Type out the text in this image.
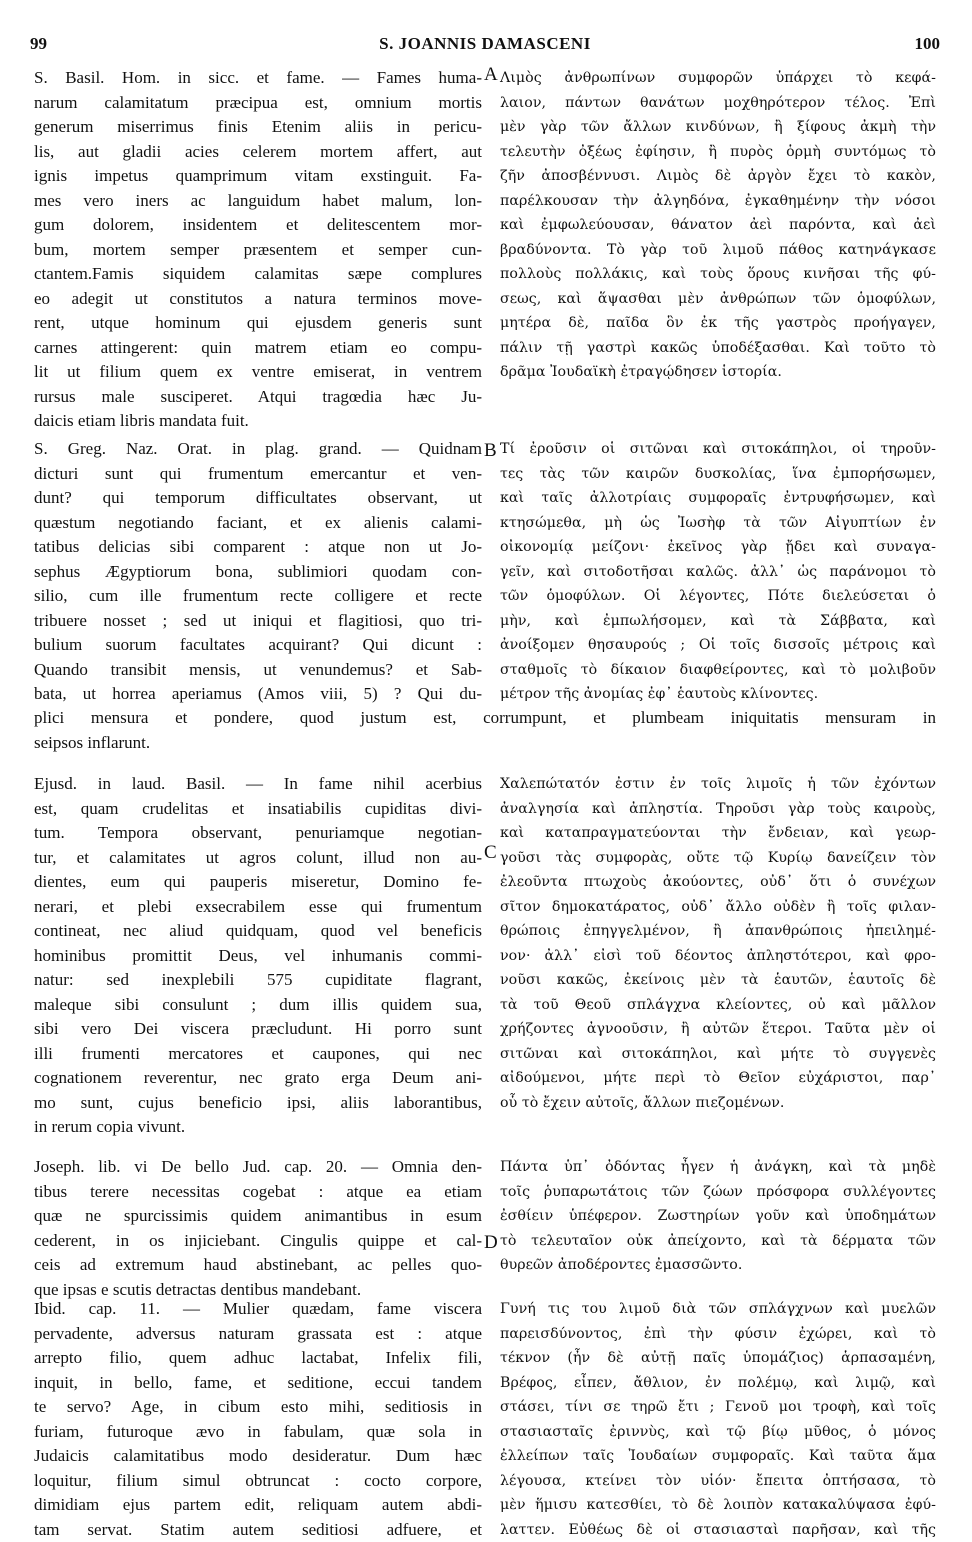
99	S. JOANNIS DAMASCENI	100
S. Basil. Hom. in sicc. et fame. — Fames huma-
narum calamitatum præcipua est, omnium mortis
generum miserrimus finis Etenim aliis in pericu-
lis, aut gladii acies celerem mortem affert, aut
ignis impetus quamprimum vitam exstinguit. Fa-
mes vero iners ac languidum habet malum, lon-
gum dolorem, insidentem et delitescentem mor-
bum, mortem semper præsentem et semper cun-
ctantem.Famis siquidem calamitas sæpe complures
eo adegit ut constitutos a natura terminos move-
rent, utque hominum qui ejusdem generis sunt
carnes attingerent: quin matrem etiam eo compu-
lit ut filium quem ex ventre emiserat, in ventrem
rursus male susciperet. Atqui tragœdia hæc Ju-
daicis etiam libris mandata fuit.
Λιμὸς ἀνθρωπίνων συμφορῶν ὑπάρχει τὸ κεφά-
λαιον, πάντων θανάτων μοχθηρότερον τέλος. Ἐπὶ
μὲν γὰρ τῶν ἄλλων κινδύνων, ἢ ξίφους ἀκμὴ τὴν
τελευτὴν ὀξέως ἐφίησιν, ἢ πυρὸς ὁρμὴ συντόμως τὸ
ζῆν ἀποσβέννυσι. Λιμὸς δὲ ἀργὸν ἔχει τὸ κακὸν,
παρέλκουσαν τὴν ἀλγηδόνα, ἐγκαθημένην τὴν νόσοι
καὶ ἐμφωλεύουσαν, θάνατον ἀεὶ παρόντα, καὶ ἀεὶ
βραδύνοντα. Τὸ γὰρ τοῦ λιμοῦ πάθος κατηνάγκασε
πολλοὺς πολλάκις, καὶ τοὺς ὅρους κινῆσαι τῆς φύ-
σεως, καὶ ἅψασθαι μὲν ἀνθρώπων τῶν ὁμοφύλων,
μητέρα δὲ, παῖδα ὃν ἐκ τῆς γαστρὸς προήγαγεν,
πάλιν τῇ γαστρὶ κακῶς ὑποδέξασθαι. Καὶ τοῦτο τὸ
δρᾶμα Ἰουδαϊκὴ ἐτραγῴδησεν ἱστορία.
A
S. Greg. Naz. Orat. in plag. grand. — Quidnam
dicturi sunt qui frumentum emercantur et ven-
dunt? qui temporum difficultates observant, ut
quæstum negotiando faciant, et ex alienis calami-
tatibus delicias sibi comparent : atque non ut Jo-
sephus Ægyptiorum bona, sublimiori quodam con-
silio, cum ille frumentum recte colligere et recte
tribuere nosset ; sed ut iniqui et flagitiosi, quo tri-
bulium suorum facultates acquirant? Qui dicunt :
Quando transibit mensis, ut venundemus? et Sab-
bata, ut horrea aperiamus (Amos viii, 5) ? Qui du-
Τί ἐροῦσιν οἱ σιτῶναι καὶ σιτοκάπηλοι, οἱ τηροῦν-
τες τὰς τῶν καιρῶν δυσκολίας, ἵνα ἐμπορήσωμεν,
καὶ ταῖς ἀλλοτρίαις συμφοραῖς ἐντρυφήσωμεν, καὶ
κτησώμεθα, μὴ ὡς Ἰωσὴφ τὰ τῶν Αἰγυπτίων ἐν
οἰκονομίᾳ μείζονι· ἐκεῖνος γὰρ ᾔδει καὶ συναγα-
γεῖν, καὶ σιτοδοτῆσαι καλῶς. ἀλλ᾽ ὡς παράνομοι τὸ
τῶν ὁμοφύλων. Οἱ λέγοντες, Πότε διελεύσεται ὁ
μὴν, καὶ ἐμπωλήσομεν, καὶ τὰ Σάββατα, καὶ
ἀνοίξομεν θησαυρούς ; Οἱ τοῖς δισσοῖς μέτροις καὶ
σταθμοῖς τὸ δίκαιον διαφθείροντες, καὶ τὸ μολιβοῦν
μέτρον τῆς ἀνομίας ἐφ᾽ ἑαυτοὺς κλίνοντες.
B
plici mensura et pondere, quod justum est, corrumpunt, et plumbeam iniquitatis mensuram in
seipsos inflarunt.
Ejusd. in laud. Basil. — In fame nihil acerbius
est, quam crudelitas et insatiabilis cupiditas divi-
tum. Tempora observant, penuriamque negotian-
tur, et calamitates ut agros colunt, illud non au-
dientes, eum qui pauperis miseretur, Domino fe-
nerari, et plebi exsecrabilem esse qui frumentum
contineat, nec aliud quidquam, quod vel beneficis
hominibus promittit Deus, vel inhumanis commi-
natur: sed inexplebili 575 cupiditate flagrant,
maleque sibi consulunt ; dum illis quidem sua,
sibi vero Dei viscera præcludunt. Hi porro sunt
illi frumenti mercatores et caupones, qui nec
cognationem reverentur, nec grato erga Deum ani-
mo sunt, cujus beneficio ipsi, aliis laborantibus,
in rerum copia vivunt.
Χαλεπώτατόν ἐστιν ἐν τοῖς λιμοῖς ἡ τῶν ἐχόντων
ἀναλγησία καὶ ἀπληστία. Τηροῦσι γὰρ τοὺς καιροὺς,
καὶ καταπραγματεύονται τὴν ἔνδειαν, καὶ γεωρ-
γοῦσι τὰς συμφορὰς, οὔτε τῷ Κυρίῳ δανείζειν τὸν
ἐλεοῦντα πτωχοὺς ἀκούοντες, οὐδ᾽ ὅτι ὁ συνέχων
σῖτον δημοκατάρατος, οὐδ᾽ ἄλλο οὐδὲν ἢ τοῖς φιλαν-
θρώποις ἐπηγγελμένον, ἢ ἀπανθρώποις ἠπειλημέ-
νον· ἀλλ᾽ εἰσὶ τοῦ δέοντος ἀπληστότεροι, καὶ φρο-
νοῦσι κακῶς, ἐκείνοις μὲν τὰ ἑαυτῶν, ἑαυτοῖς δὲ
τὰ τοῦ Θεοῦ σπλάγχνα κλείοντες, οὐ καὶ μᾶλλον
χρήζοντες ἀγνοοῦσιν, ἢ αὐτῶν ἕτεροι. Ταῦτα μὲν οἱ
σιτῶναι καὶ σιτοκάπηλοι, καὶ μήτε τὸ συγγενὲς
αἰδούμενοι, μήτε περὶ τὸ Θεῖον εὐχάριστοι, παρ᾽
οὗ τὸ ἔχειν αὐτοῖς, ἄλλων πιεζομένων.
C
Joseph. lib. vi De bello Jud. cap. 20. — Omnia den-
tibus terere necessitas cogebat : atque ea etiam
quæ ne spurcissimis quidem animantibus in esum
cederent, in os injiciebant. Cingulis quippe et cal-
ceis ad extremum haud abstinebant, ac pelles quo-
que ipsas e scutis detractas dentibus mandebant.
Πάντα ὑπ᾽ ὀδόντας ἦγεν ἡ ἀνάγκη, καὶ τὰ μηδὲ
τοῖς ῥυπαρωτάτοις τῶν ζώων πρόσφορα συλλέγοντες
ἐσθίειν ὑπέφερον. Ζωστηρίων γοῦν καὶ ὑποδημάτων
τὸ τελευταῖον οὐκ ἀπείχοντο, καὶ τὰ δέρματα τῶν
θυρεῶν ἀποδέροντες ἐμασσῶντο.
D
Ibid. cap. 11. — Mulier quædam, fame viscera
pervadente, adversus naturam grassata est : atque
arrepto filio, quem adhuc lactabat, Infelix fili,
inquit, in bello, fame, et seditione, eccui tandem
te servo? Age, in cibum esto mihi, seditiosis in
furiam, futuroque ævo in fabulam, quæ sola in
Judaicis calamitatibus modo desideratur. Dum hæc
loquitur, filium simul obtruncat : cocto corpore,
dimidiam ejus partem edit, reliquam autem abdi-
tam servat. Statim autem seditiosi adfuere, et
Γυνή τις του λιμοῦ διὰ τῶν σπλάγχνων καὶ μυελῶν
παρεισδύνοντος, ἐπὶ τὴν φύσιν ἐχώρει, καὶ τὸ
τέκνον (ἦν δὲ αὐτῇ παῖς ὑπομάζιος) ἁρπασαμένη,
Βρέφος, εἶπεν, ἄθλιον, ἐν πολέμῳ, καὶ λιμῷ, καὶ
στάσει, τίνι σε τηρῶ ἔτι ; Γενοῦ μοι τροφὴ, καὶ τοῖς
στασιασταῖς ἐριννὺς, καὶ τῷ βίῳ μῦθος, ὁ μόνος
ἐλλείπων ταῖς Ἰουδαίων συμφοραῖς. Καὶ ταῦτα ἅμα
λέγουσα, κτείνει τὸν υἱόν· ἔπειτα ὀπτήσασα, τὸ
μὲν ἥμισυ κατεσθίει, τὸ δὲ λοιπὸν κατακαλύψασα ἐφύ-
λαττεν. Εὐθέως δὲ οἱ στασιασταὶ παρῆσαν, καὶ τῆς
